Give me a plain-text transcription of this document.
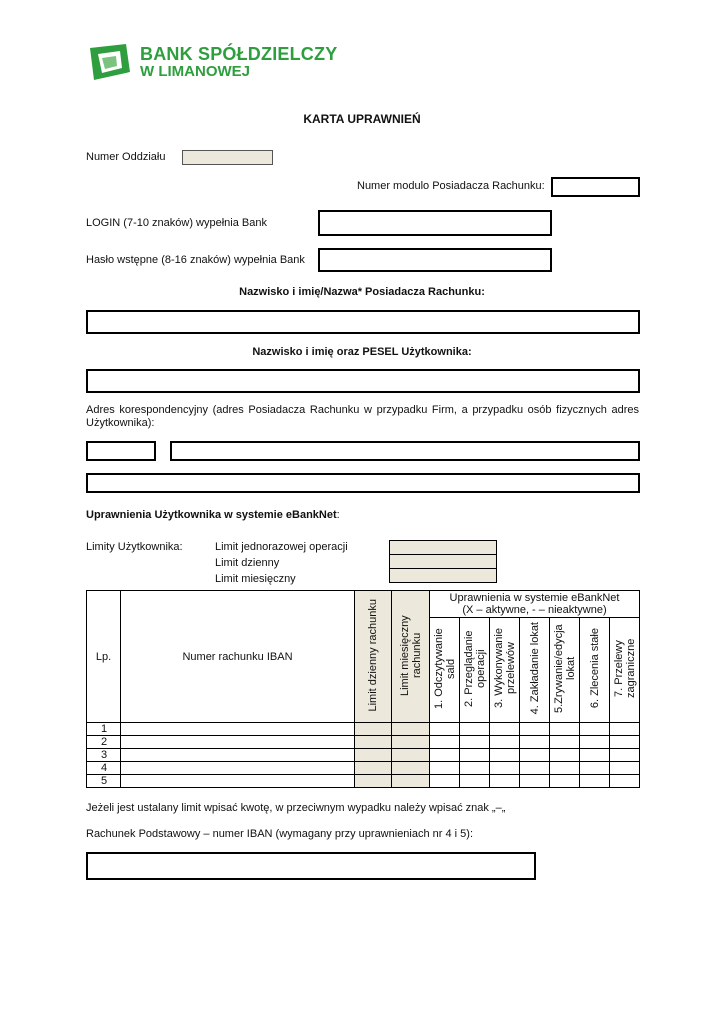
BANK SPÓŁDZIELCZY
W LIMANOWEJ
KARTA UPRAWNIEŃ
Numer Oddziału
Numer modulo Posiadacza Rachunku:
LOGIN (7-10 znaków) wypełnia Bank
Hasło wstępne (8-16 znaków) wypełnia Bank
Nazwisko i imię/Nazwa* Posiadacza Rachunku:
Nazwisko i imię oraz PESEL Użytkownika:
Adres korespondencyjny (adres Posiadacza Rachunku w przypadku Firm, a przypadku osób fizycznych adres Użytkownika):
Uprawnienia Użytkownika w systemie eBankNet:
Limity Użytkownika:	Limit jednorazowej operacji
Limit dzienny
Limit miesięczny
Lp.	Numer rachunku IBAN	Limit dzienny rachunku	Limit miesięczny rachunku	Uprawnienia w systemie eBankNet
(X – aktywne, - – nieaktywne)						

				1. Odczytywanie sald	2. Przeglądanie operacji	3. Wykonywanie przelewów	4. Zakładanie lokat	5.Zrywanie/edycja lokat	6. Zlecenia stałe	7. Przelewy zagraniczne
1										
2										
3										
4										
5										
Jeżeli jest ustalany limit wpisać kwotę, w przeciwnym wypadku należy wpisać znak „–„
Rachunek Podstawowy – numer IBAN (wymagany przy uprawnieniach nr 4 i 5):
